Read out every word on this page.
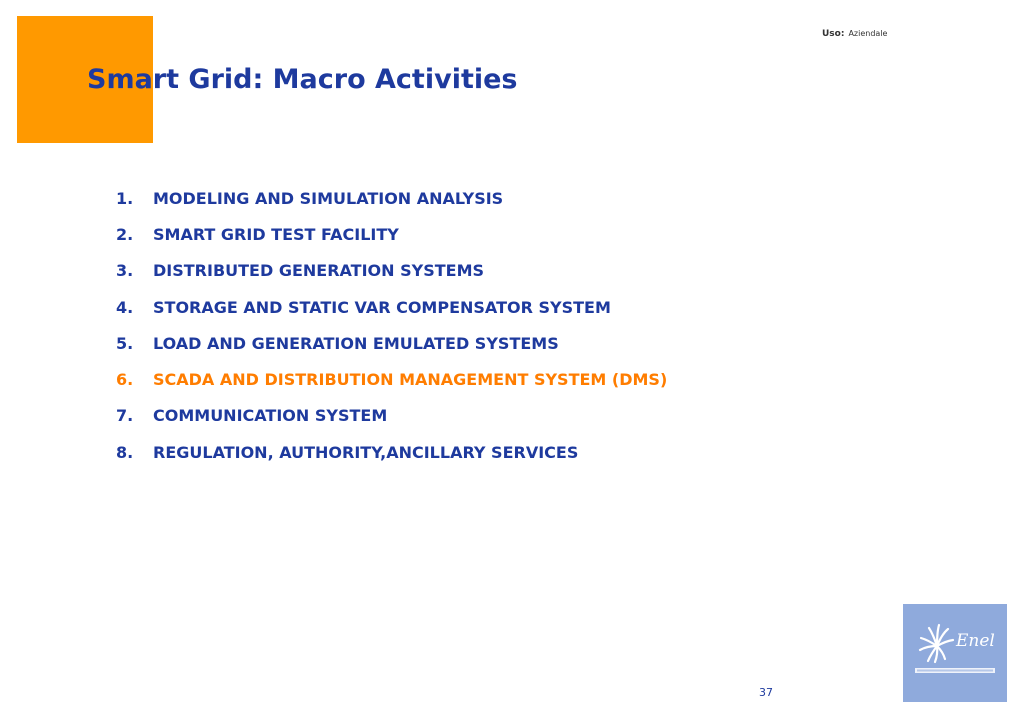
Smart Grid: Macro Activities
Uso: Aziendale
1.	MODELING AND SIMULATION ANALYSIS
2.	SMART GRID TEST FACILITY
3.	DISTRIBUTED GENERATION SYSTEMS
4.	STORAGE AND STATIC VAR COMPENSATOR SYSTEM
5.	LOAD AND GENERATION EMULATED SYSTEMS
6.	SCADA AND DISTRIBUTION MANAGEMENT SYSTEM (DMS)
7.	COMMUNICATION SYSTEM
8.	REGULATION, AUTHORITY,ANCILLARY SERVICES
37
Enel
